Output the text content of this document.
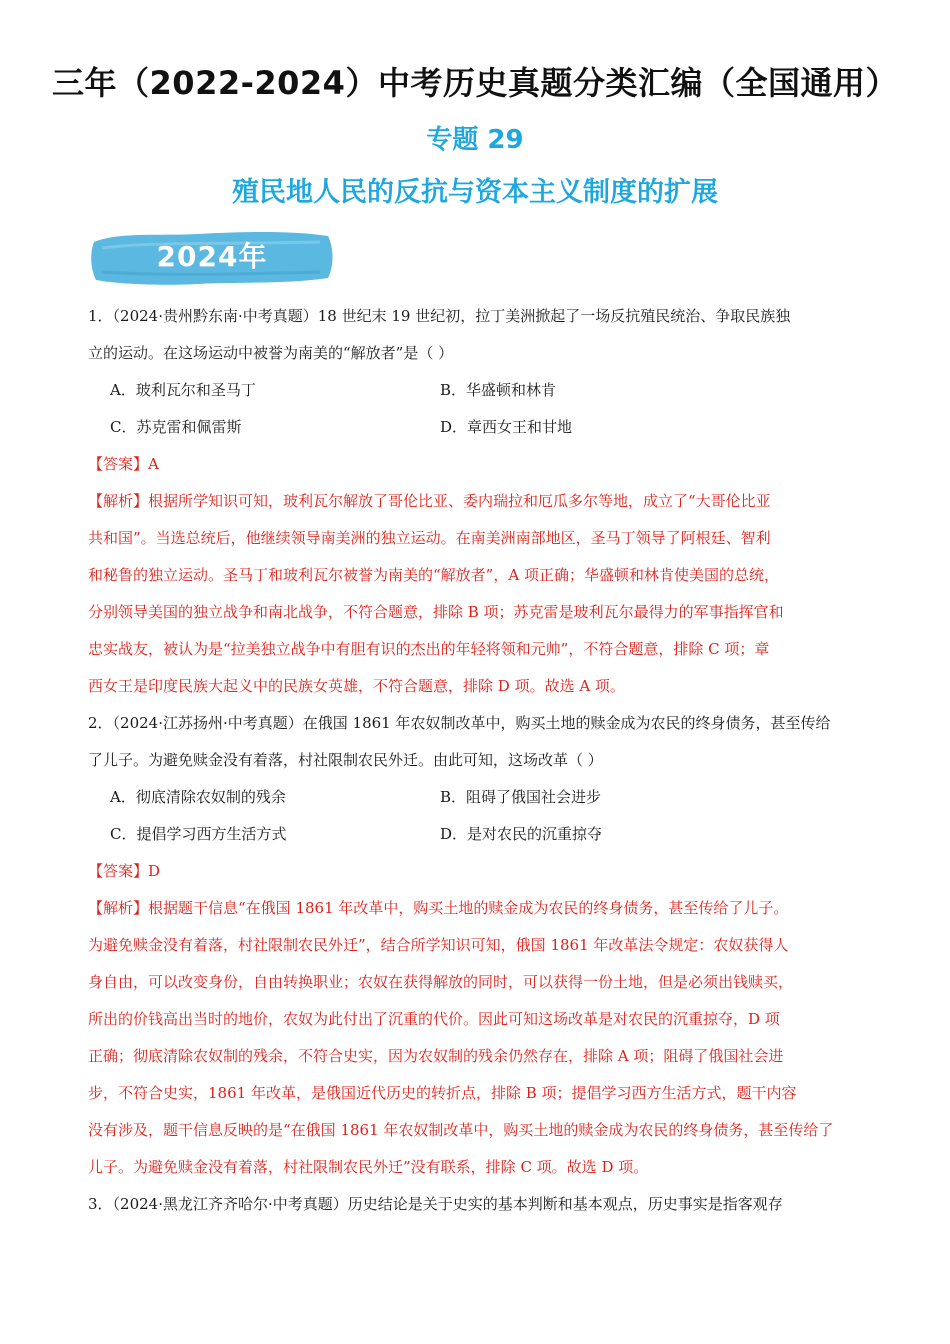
三年（2022-2024）中考历史真题分类汇编（全国通用）
专题 29
殖民地人民的反抗与资本主义制度的扩展
2024年
1．（2024·贵州黔东南·中考真题）18 世纪末 19 世纪初，拉丁美洲掀起了一场反抗殖民统治、争取民族独
立的运动。在这场运动中被誉为南美的“解放者”是（ ）
A．玻利瓦尔和圣马丁	B．华盛顿和林肯
C．苏克雷和佩雷斯	D．章西女王和甘地
【答案】A
【解析】根据所学知识可知，玻利瓦尔解放了哥伦比亚、委内瑞拉和厄瓜多尔等地，成立了“大哥伦比亚
共和国”。当选总统后，他继续领导南美洲的独立运动。在南美洲南部地区，圣马丁领导了阿根廷、智利
和秘鲁的独立运动。圣马丁和玻利瓦尔被誉为南美的“解放者”，A 项正确；华盛顿和林肯使美国的总统，
分别领导美国的独立战争和南北战争，不符合题意，排除 B 项；苏克雷是玻利瓦尔最得力的军事指挥官和
忠实战友，被认为是“拉美独立战争中有胆有识的杰出的年轻将领和元帅”，不符合题意，排除 C 项；章
西女王是印度民族大起义中的民族女英雄，不符合题意，排除 D 项。故选 A 项。
2．（2024·江苏扬州·中考真题）在俄国 1861 年农奴制改革中，购买土地的赎金成为农民的终身债务，甚至传给
了儿子。为避免赎金没有着落，村社限制农民外迁。由此可知，这场改革（ ）
A．彻底清除农奴制的残余	B．阻碍了俄国社会进步
C．提倡学习西方生活方式	D．是对农民的沉重掠夺
【答案】D
【解析】根据题干信息“在俄国 1861 年改革中，购买土地的赎金成为农民的终身债务，甚至传给了儿子。
为避免赎金没有着落，村社限制农民外迁”，结合所学知识可知，俄国 1861 年改革法令规定：农奴获得人
身自由，可以改变身份，自由转换职业；农奴在获得解放的同时，可以获得一份土地，但是必须出钱赎买，
所出的价钱高出当时的地价，农奴为此付出了沉重的代价。因此可知这场改革是对农民的沉重掠夺，D 项
正确；彻底清除农奴制的残余，不符合史实，因为农奴制的残余仍然存在，排除 A 项；阻碍了俄国社会进
步，不符合史实，1861 年改革，是俄国近代历史的转折点，排除 B 项；提倡学习西方生活方式，题干内容
没有涉及，题干信息反映的是“在俄国 1861 年农奴制改革中，购买土地的赎金成为农民的终身债务，甚至传给了
儿子。为避免赎金没有着落，村社限制农民外迁”没有联系，排除 C 项。故选 D 项。
3．（2024·黑龙江齐齐哈尔·中考真题）历史结论是关于史实的基本判断和基本观点，历史事实是指客观存
